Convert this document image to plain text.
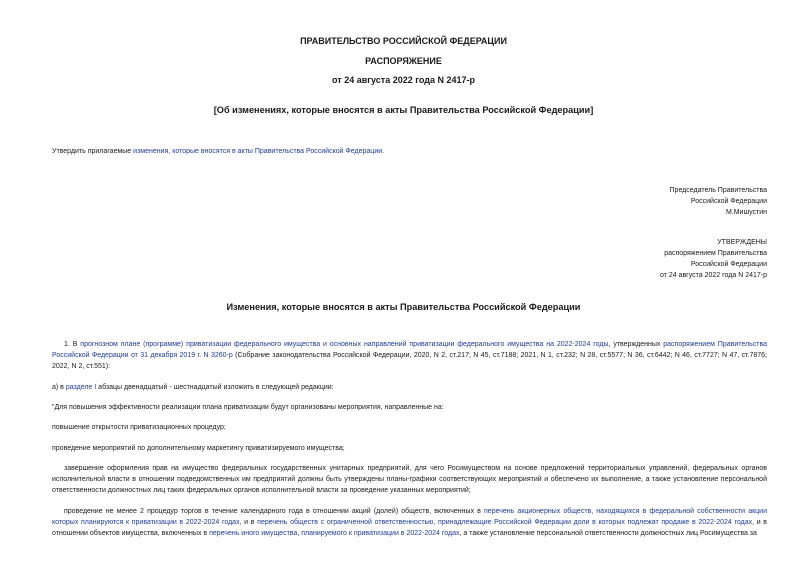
ПРАВИТЕЛЬСТВО РОССИЙСКОЙ ФЕДЕРАЦИИ
РАСПОРЯЖЕНИЕ
от 24 августа 2022 года N 2417-р
[Об изменениях, которые вносятся в акты Правительства Российской Федерации]
Утвердить прилагаемые изменения, которые вносятся в акты Правительства Российской Федерации.
Председатель Правительства
Российской Федерации
М.Мишустин
УТВЕРЖДЕНЫ
распоряжением Правительства
Российской Федерации
от 24 августа 2022 года N 2417-р
Изменения, которые вносятся в акты Правительства Российской Федерации
1. В прогнозном плане (программе) приватизации федерального имущества и основных направлений приватизации федерального имущества на 2022-2024 годы, утвержденных распоряжением Правительства Российской Федерации от 31 декабря 2019 г. N 3260-р (Собрание законодательства Российской Федерации, 2020, N 2, ст.217; N 45, ст.7188; 2021, N 1, ст.232; N 28, ст.5577; N 36, ст.6442; N 46, ст.7727; N 47, ст.7876; 2022, N 2, ст.551):
а) в разделе I абзацы двенадцатый - шестнадцатый изложить в следующей редакции:
"Для повышения эффективности реализации плана приватизации будут организованы мероприятия, направленные на:
повышение открытости приватизационных процедур;
проведение мероприятий по дополнительному маркетингу приватизируемого имущества;
завершение оформления прав на имущество федеральных государственных унитарных предприятий, для чего Росимуществом на основе предложений территориальных управлений, федеральных органов исполнительной власти в отношении подведомственных им предприятий должны быть утверждены планы-графики соответствующих мероприятий и обеспечено их выполнение, а также установление персональной ответственности должностных лиц таких федеральных органов исполнительной власти за проведение указанных мероприятий;
проведение не менее 2 процедур торгов в течение календарного года в отношении акций (долей) обществ, включенных в перечень акционерных обществ, находящихся в федеральной собственности акции которых планируются к приватизации в 2022-2024 годах, и в перечень обществ с ограниченной ответственностью, принадлежащие Российской Федерации доли в которых подлежат продаже в 2022-2024 годах, и в отношении объектов имущества, включенных в перечень иного имущества, планируемого к приватизации в 2022-2024 годах, а также установление персональной ответственности должностных лиц Росимущества за
